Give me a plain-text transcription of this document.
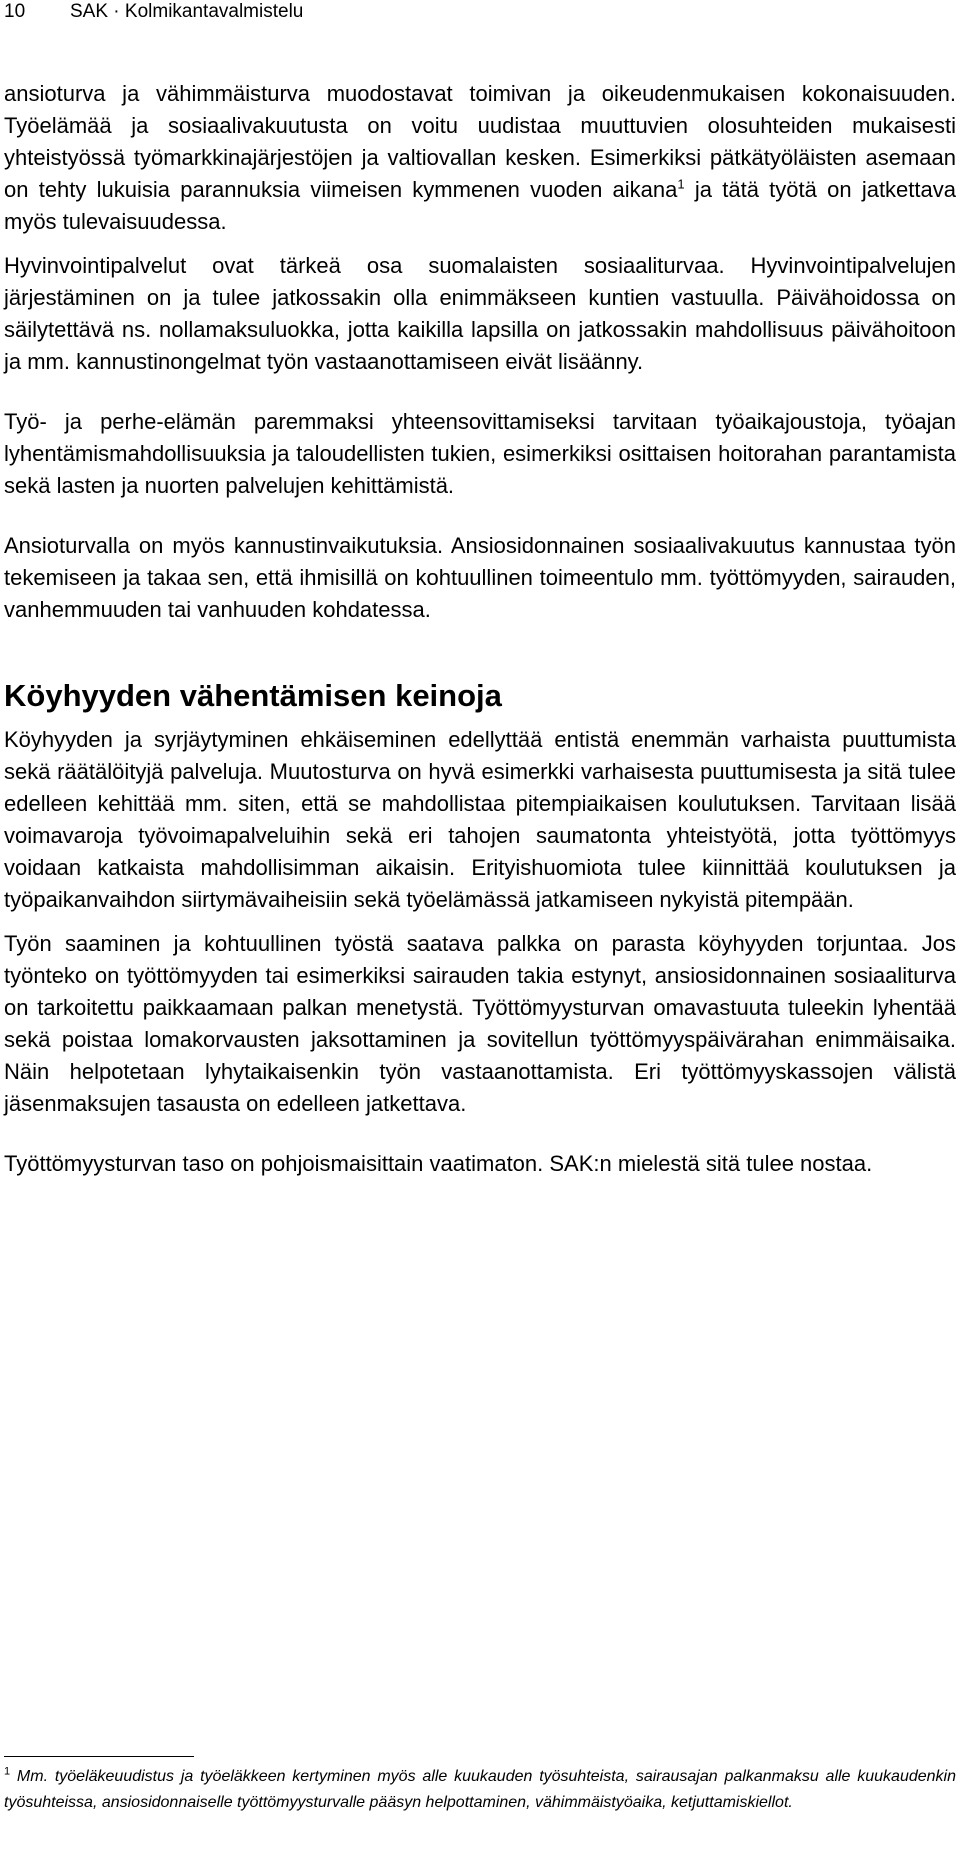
10 SAK · Kolmikantavalmistelu

ansioturva ja vähimmäisturva muodostavat toimivan ja oikeudenmukaisen kokonaisuuden. Työelämää ja sosiaalivakuutusta on voitu uudistaa muuttuvien olosuhteiden mukaisesti yhteistyössä työmarkkinajärjestöjen ja valtiovallan kesken. Esimerkiksi pätkätyöläisten asemaan on tehty lukuisia parannuksia viimeisen kymmenen vuoden aikana$^1$ ja tätä työtä on jatkettava myös tulevaisuudessa.

Hyvinvointipalvelut ovat tärkeä osa suomalaisten sosiaaliturvaa. Hyvinvointipalvelujen järjestäminen on ja tulee jatkossakin olla enimmäkseen kuntien vastuulla. Päivähoidossa on säilytettävä ns. nollamaksuluokka, jotta kaikilla lapsilla on jatkossakin mahdollisuus päivähoitoon ja mm. kannustinongelmat työn vastaanottamiseen eivät lisäänny.

Työ- ja perhe-elämän paremmaksi yhteensovittamiseksi tarvitaan työaikajoustoja, työajan lyhentämismahdollisuuksia ja taloudellisten tukien, esimerkiksi osittaisen hoitorahan parantamista sekä lasten ja nuorten palvelujen kehittämistä.

Ansioturvalla on myös kannustinvaikutuksia. Ansiosidonnainen sosiaalivakuutus kannustaa työn tekemiseen ja takaa sen, että ihmisillä on kohtuullinen toimeentulo mm. työttömyyden, sairauden, vanhemmuuden tai vanhuuden kohdatessa.

Köyhyyden vähentämisen keinoja

Köyhyyden ja syrjäytyminen ehkäiseminen edellyttää entistä enemmän varhaista puuttumista sekä räätälöityjä palveluja. Muutosturva on hyvä esimerkki varhaisesta puuttumisesta ja sitä tulee edelleen kehittää mm. siten, että se mahdollistaa pitempiaikaisen koulutuksen. Tarvitaan lisää voimavaroja työvoimapalveluihin sekä eri tahojen saumatonta yhteistyötä, jotta työttömyys voidaan katkaista mahdollisimman aikaisin. Erityishuomiota tulee kiinnittää koulutuksen ja työpaikanvaihdon siirtymävaiheisiin sekä työelämässä jatkamiseen nykyistä pitempään.

Työn saaminen ja kohtuullinen työstä saatava palkka on parasta köyhyyden torjuntaa. Jos työnteko on työttömyyden tai esimerkiksi sairauden takia estynyt, ansiosidonnainen sosiaaliturva on tarkoitettu paikkaamaan palkan menetystä. Työttömyysturvan omavastuuta tuleekin lyhentää sekä poistaa lomakorvausten jaksottaminen ja sovitellun työttömyyspäivärahan enimmäisaika. Näin helpotetaan lyhytaikaisenkin työn vastaanottamista. Eri työttömyyskassojen välistä jäsenmaksujen tasausta on edelleen jatkettava.

Työttömyysturvan taso on pohjoismaisittain vaatimaton. SAK:n mielestä sitä tulee nostaa.

$^1$ Mm. työeläkeuudistus ja työeläkkeen kertyminen myös alle kuukauden työsuhteista, sairausajan palkanmaksu alle kuukaudenkin työsuhteissa, ansiosidonnaiselle työttömyysturvalle pääsyn helpottaminen, vähimmäistyöaika, ketjuttamiskiellot.
